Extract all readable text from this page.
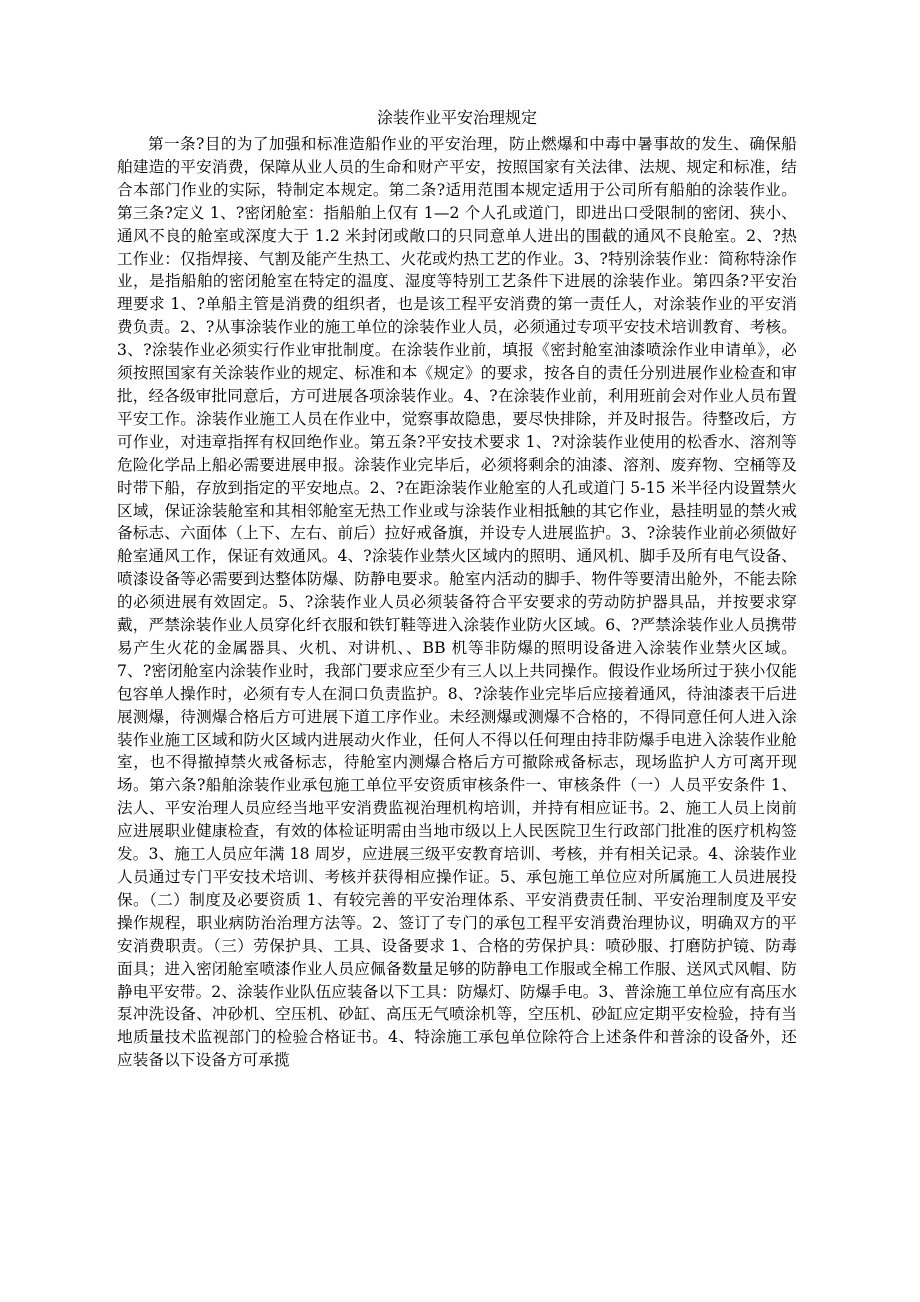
涂装作业平安治理规定

第一条?目的为了加强和标准造船作业的平安治理，防止燃爆和中毒中暑事故的发生、确保船舶建造的平安消费，保障从业人员的生命和财产平安，按照国家有关法律、法规、规定和标准，结合本部门作业的实际，特制定本规定。第二条?适用范围本规定适用于公司所有船舶的涂装作业。第三条?定义 1、?密闭舱室：指船舶上仅有 1—2 个人孔或道门，即进出口受限制的密闭、狭小、通风不良的舱室或深度大于 1.2 米封闭或敞口的只同意单人进出的围截的通风不良舱室。2、?热工作业：仅指焊接、气割及能产生热工、火花或灼热工艺的作业。3、?特别涂装作业：简称特涂作业，是指船舶的密闭舱室在特定的温度、湿度等特别工艺条件下进展的涂装作业。第四条?平安治理要求 1、?单船主管是消费的组织者，也是该工程平安消费的第一责任人，对涂装作业的平安消费负责。2、?从事涂装作业的施工单位的涂装作业人员，必须通过专项平安技术培训教育、考核。3、?涂装作业必须实行作业审批制度。在涂装作业前，填报《密封舱室油漆喷涂作业申请单》，必须按照国家有关涂装作业的规定、标准和本《规定》的要求，按各自的责任分别进展作业检查和审批，经各级审批同意后，方可进展各项涂装作业。4、?在涂装作业前，利用班前会对作业人员布置平安工作。涂装作业施工人员在作业中，觉察事故隐患，要尽快排除，并及时报告。待整改后，方可作业，对违章指挥有权回绝作业。第五条?平安技术要求 1、?对涂装作业使用的松香水、溶剂等危险化学品上船必需要进展申报。涂装作业完毕后，必须将剩余的油漆、溶剂、废弃物、空桶等及时带下船，存放到指定的平安地点。2、?在距涂装作业舱室的人孔或道门 5-15 米半径内设置禁火区域，保证涂装舱室和其相邻舱室无热工作业或与涂装作业相抵触的其它作业，悬挂明显的禁火戒备标志、六面体（上下、左右、前后）拉好戒备旗，并设专人进展监护。3、?涂装作业前必须做好舱室通风工作，保证有效通风。4、?涂装作业禁火区域内的照明、通风机、脚手及所有电气设备、喷漆设备等必需要到达整体防爆、防静电要求。舱室内活动的脚手、物件等要清出舱外，不能去除的必须进展有效固定。5、?涂装作业人员必须装备符合平安要求的劳动防护器具品，并按要求穿戴，严禁涂装作业人员穿化纤衣服和铁钉鞋等进入涂装作业防火区域。6、?严禁涂装作业人员携带易产生火花的金属器具、火机、对讲机、、BB 机等非防爆的照明设备进入涂装作业禁火区域。7、?密闭舱室内涂装作业时，我部门要求应至少有三人以上共同操作。假设作业场所过于狭小仅能包容单人操作时，必须有专人在洞口负责监护。8、?涂装作业完毕后应接着通风，待油漆表干后进展测爆，待测爆合格后方可进展下道工序作业。未经测爆或测爆不合格的，不得同意任何人进入涂装作业施工区域和防火区域内进展动火作业，任何人不得以任何理由持非防爆手电进入涂装作业舱室，也不得撤掉禁火戒备标志，待舱室内测爆合格后方可撤除戒备标志，现场监护人方可离开现场。第六条?船舶涂装作业承包施工单位平安资质审核条件一、审核条件（一）人员平安条件 1、法人、平安治理人员应经当地平安消费监视治理机构培训，并持有相应证书。2、施工人员上岗前应进展职业健康检查，有效的体检证明需由当地市级以上人民医院卫生行政部门批准的医疗机构签发。3、施工人员应年满 18 周岁，应进展三级平安教育培训、考核，并有相关记录。4、涂装作业人员通过专门平安技术培训、考核并获得相应操作证。5、承包施工单位应对所属施工人员进展投保。（二）制度及必要资质 1、有较完善的平安治理体系、平安消费责任制、平安治理制度及平安操作规程，职业病防治治理方法等。2、签订了专门的承包工程平安消费治理协议，明确双方的平安消费职责。（三）劳保护具、工具、设备要求 1、合格的劳保护具：喷砂服、打磨防护镜、防毒面具；进入密闭舱室喷漆作业人员应佩备数量足够的防静电工作服或全棉工作服、送风式风帽、防静电平安带。2、涂装作业队伍应装备以下工具：防爆灯、防爆手电。3、普涂施工单位应有高压水泵冲洗设备、冲砂机、空压机、砂缸、高压无气喷涂机等，空压机、砂缸应定期平安检验，持有当地质量技术监视部门的检验合格证书。4、特涂施工承包单位除符合上述条件和普涂的设备外，还应装备以下设备方可承揽
